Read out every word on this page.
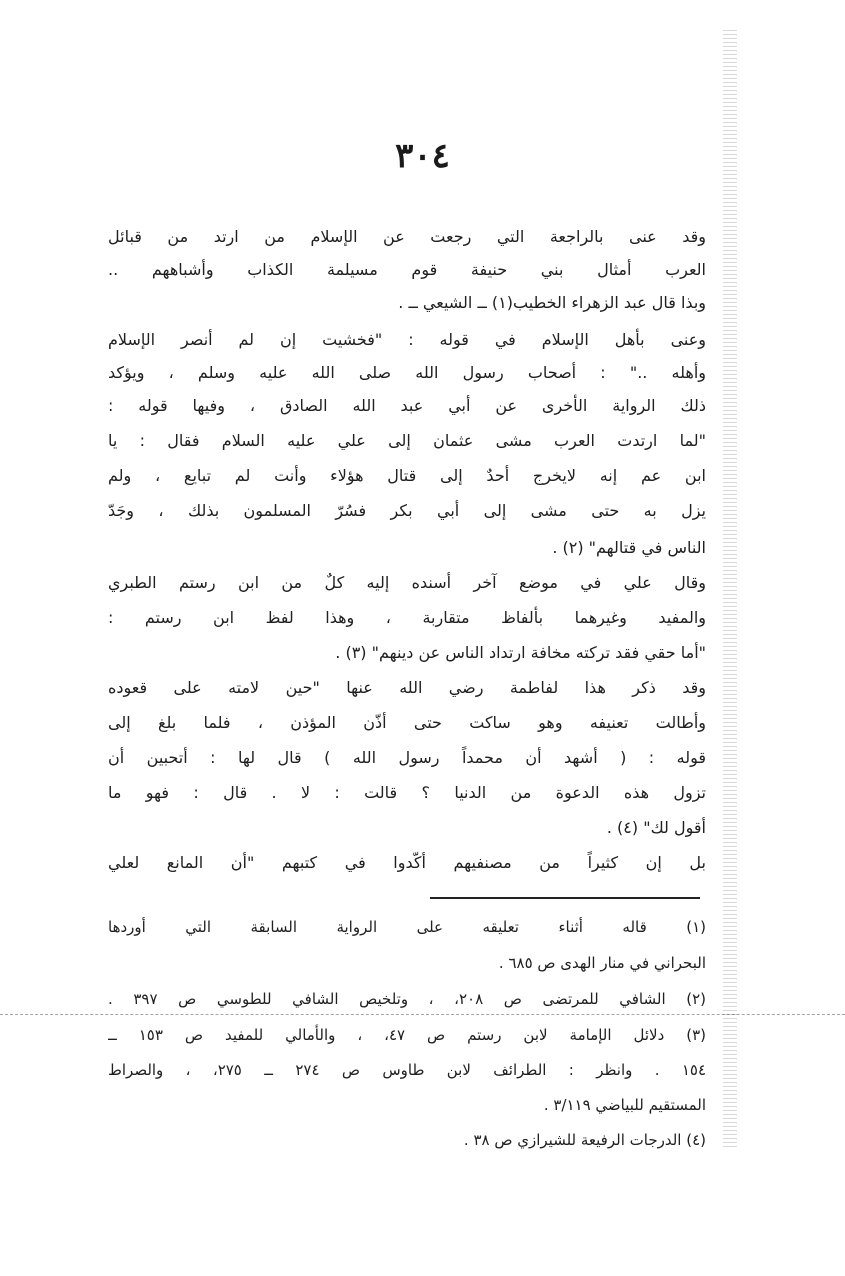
٣٠٤
وقد عنى بالراجعة التي رجعت عن الإسلام من ارتد من قبائل
العرب أمثال بني حنيفة قوم مسيلمة الكذاب وأشباههم ..
وبذا قال عبد الزهراء الخطيب(١) ــ الشيعي ــ .
وعنى بأهل الإسلام في قوله : "فخشيت إن لم أنصر الإسلام
وأهله .." : أصحاب رسول الله صلى الله عليه وسلم ، ويؤكد
ذلك الرواية الأخرى عن أبي عبد الله الصادق ، وفيها قوله :
"لما ارتدت العرب مشى عثمان إلى علي عليه السلام فقال : يا
ابن عم إنه لايخرج أحدٌ إلى قتال هؤلاء وأنت لم تبايع ، ولم
يزل به حتى مشى إلى أبي بكر فسُرّ المسلمون بذلك ، وجَدّ
الناس في قتالهم" (٢) .
وقال علي في موضع آخر أسنده إليه كلٌ من ابن رستم الطبري
والمفيد وغيرهما بألفاظ متقاربة ، وهذا لفظ ابن رستم :
"أما حقي فقد تركته مخافة ارتداد الناس عن دينهم" (٣) .
وقد ذكر هذا لفاطمة رضي الله عنها "حين لامته على قعوده
وأطالت تعنيفه وهو ساكت حتى أذّن المؤذن ، فلما بلغ إلى
قوله : ( أشهد أن محمداً رسول الله ) قال لها : أتحبين أن
تزول هذه الدعوة من الدنيا ؟ قالت : لا . قال : فهو ما
أقول لك" (٤) .
بل إن كثيراً من مصنفيهم أكّدوا في كتبهم "أن المانع لعلي
(١) قاله أثناء تعليقه على الرواية السابقة التي أوردها
البحراني في منار الهدى ص ٦٨٥ .
(٢) الشافي للمرتضى ص ٢٠٨، ، وتلخيص الشافي للطوسي ص ٣٩٧ .
(٣) دلائل الإمامة لابن رستم ص ٤٧، ، والأمالي للمفيد ص ١٥٣ ــ
١٥٤ . وانظر : الطرائف لابن طاوس ص ٢٧٤ ــ ٢٧٥، ، والصراط
المستقيم للبياضي ٣/١١٩ .
(٤) الدرجات الرفيعة للشيرازي ص ٣٨ .
